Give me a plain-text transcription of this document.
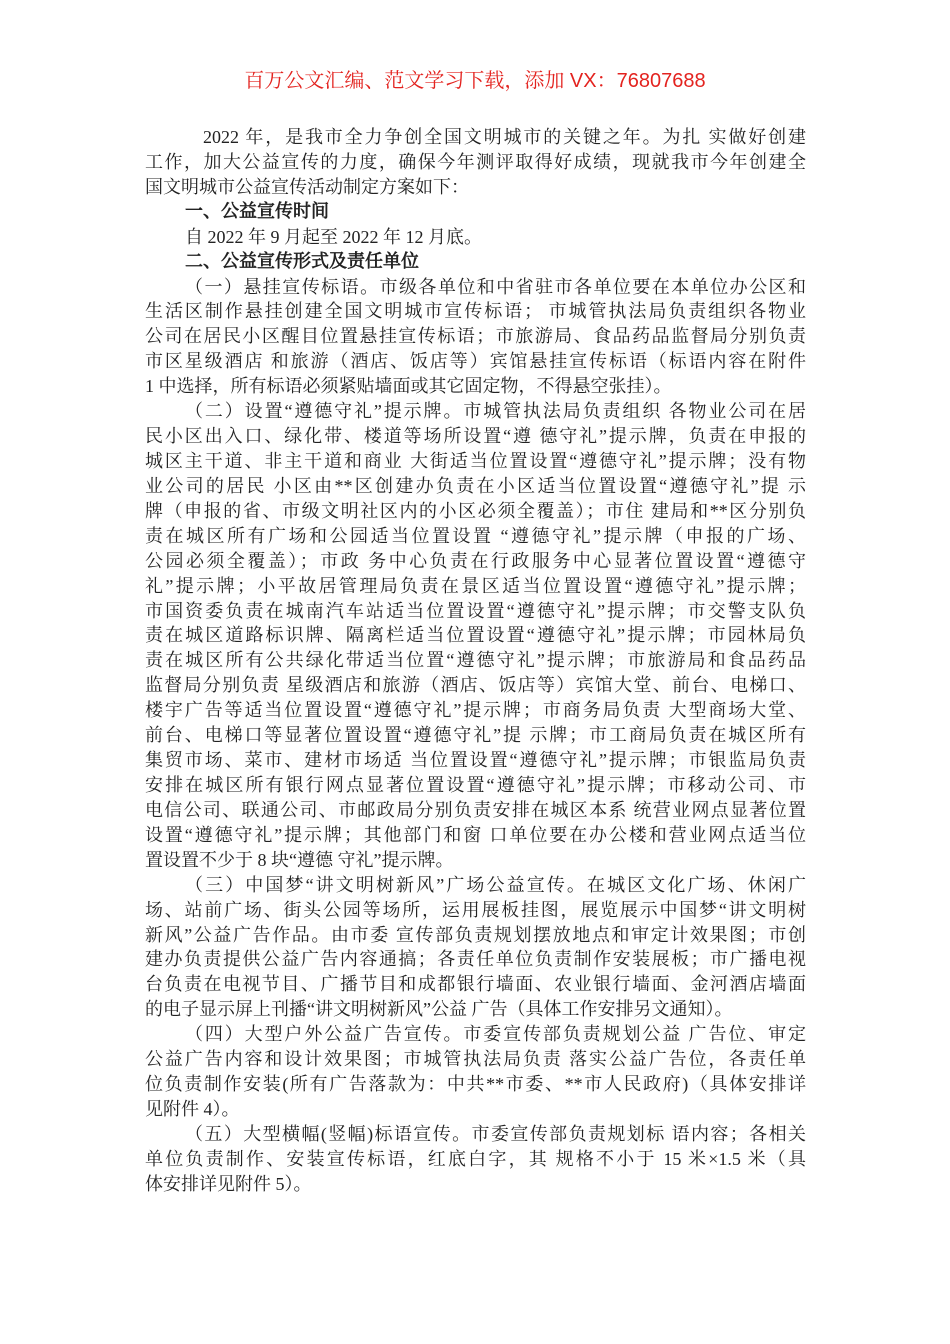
百万公文汇编、范文学习下载，添加 VX：76807688
2022 年，是我市全力争创全国文明城市的关键之年。为扎 实做好创建
工作，加大公益宣传的力度，确保今年测评取得好成绩，现就我市今年创建全
国文明城市公益宣传活动制定方案如下：
一、公益宣传时间
自 2022 年 9 月起至 2022 年 12 月底。
二、公益宣传形式及责任单位
（一）悬挂宣传标语。市级各单位和中省驻市各单位要在本单位办公区和
生活区制作悬挂创建全国文明城市宣传标语； 市城管执法局负责组织各物业
公司在居民小区醒目位置悬挂宣传标语；市旅游局、食品药品监督局分别负责
市区星级酒店 和旅游（酒店、饭店等）宾馆悬挂宣传标语（标语内容在附件
1 中选择，所有标语必须紧贴墙面或其它固定物，不得悬空张挂）。
（二）设置“遵德守礼”提示牌。市城管执法局负责组织 各物业公司在居
民小区出入口、绿化带、楼道等场所设置“遵 德守礼”提示牌，负责在申报的
城区主干道、非主干道和商业 大街适当位置设置“遵德守礼”提示牌；没有物
业公司的居民 小区由**区创建办负责在小区适当位置设置“遵德守礼”提 示
牌（申报的省、市级文明社区内的小区必须全覆盖）；市住 建局和**区分别负
责在城区所有广场和公园适当位置设置 “遵德守礼”提示牌（申报的广场、
公园必须全覆盖）；市政 务中心负责在行政服务中心显著位置设置“遵德守
礼”提示牌；小平故居管理局负责在景区适当位置设置“遵德守礼”提示牌；
市国资委负责在城南汽车站适当位置设置“遵德守礼”提示牌；市交警支队负
责在城区道路标识牌、隔离栏适当位置设置“遵德守礼”提示牌；市园林局负
责在城区所有公共绿化带适当位置“遵德守礼”提示牌；市旅游局和食品药品
监督局分别负责 星级酒店和旅游（酒店、饭店等）宾馆大堂、前台、电梯口、
楼宇广告等适当位置设置“遵德守礼”提示牌；市商务局负责 大型商场大堂、
前台、电梯口等显著位置设置“遵德守礼”提 示牌；市工商局负责在城区所有
集贸市场、菜市、建材市场适 当位置设置“遵德守礼”提示牌；市银监局负责
安排在城区所有银行网点显著位置设置“遵德守礼”提示牌；市移动公司、市
电信公司、联通公司、市邮政局分别负责安排在城区本系 统营业网点显著位置
设置“遵德守礼”提示牌；其他部门和窗 口单位要在办公楼和营业网点适当位
置设置不少于 8 块“遵德 守礼”提示牌。
（三）中国梦“讲文明树新风”广场公益宣传。在城区文化广场、休闲广
场、站前广场、街头公园等场所，运用展板挂图，展览展示中国梦“讲文明树
新风”公益广告作品。由市委 宣传部负责规划摆放地点和审定计效果图；市创
建办负责提供公益广告内容通搞；各责任单位负责制作安装展板；市广播电视
台负责在电视节目、广播节目和成都银行墙面、农业银行墙面、金河酒店墙面
的电子显示屏上刊播“讲文明树新风”公益 广告（具体工作安排另文通知）。
（四）大型户外公益广告宣传。市委宣传部负责规划公益 广告位、审定
公益广告内容和设计效果图；市城管执法局负责 落实公益广告位，各责任单
位负责制作安装(所有广告落款为：中共**市委、**市人民政府)（具体安排详
见附件 4）。
（五）大型横幅(竖幅)标语宣传。市委宣传部负责规划标 语内容；各相关
单位负责制作、安装宣传标语，红底白字，其 规格不小于 15 米×1.5 米（具
体安排详见附件 5）。
